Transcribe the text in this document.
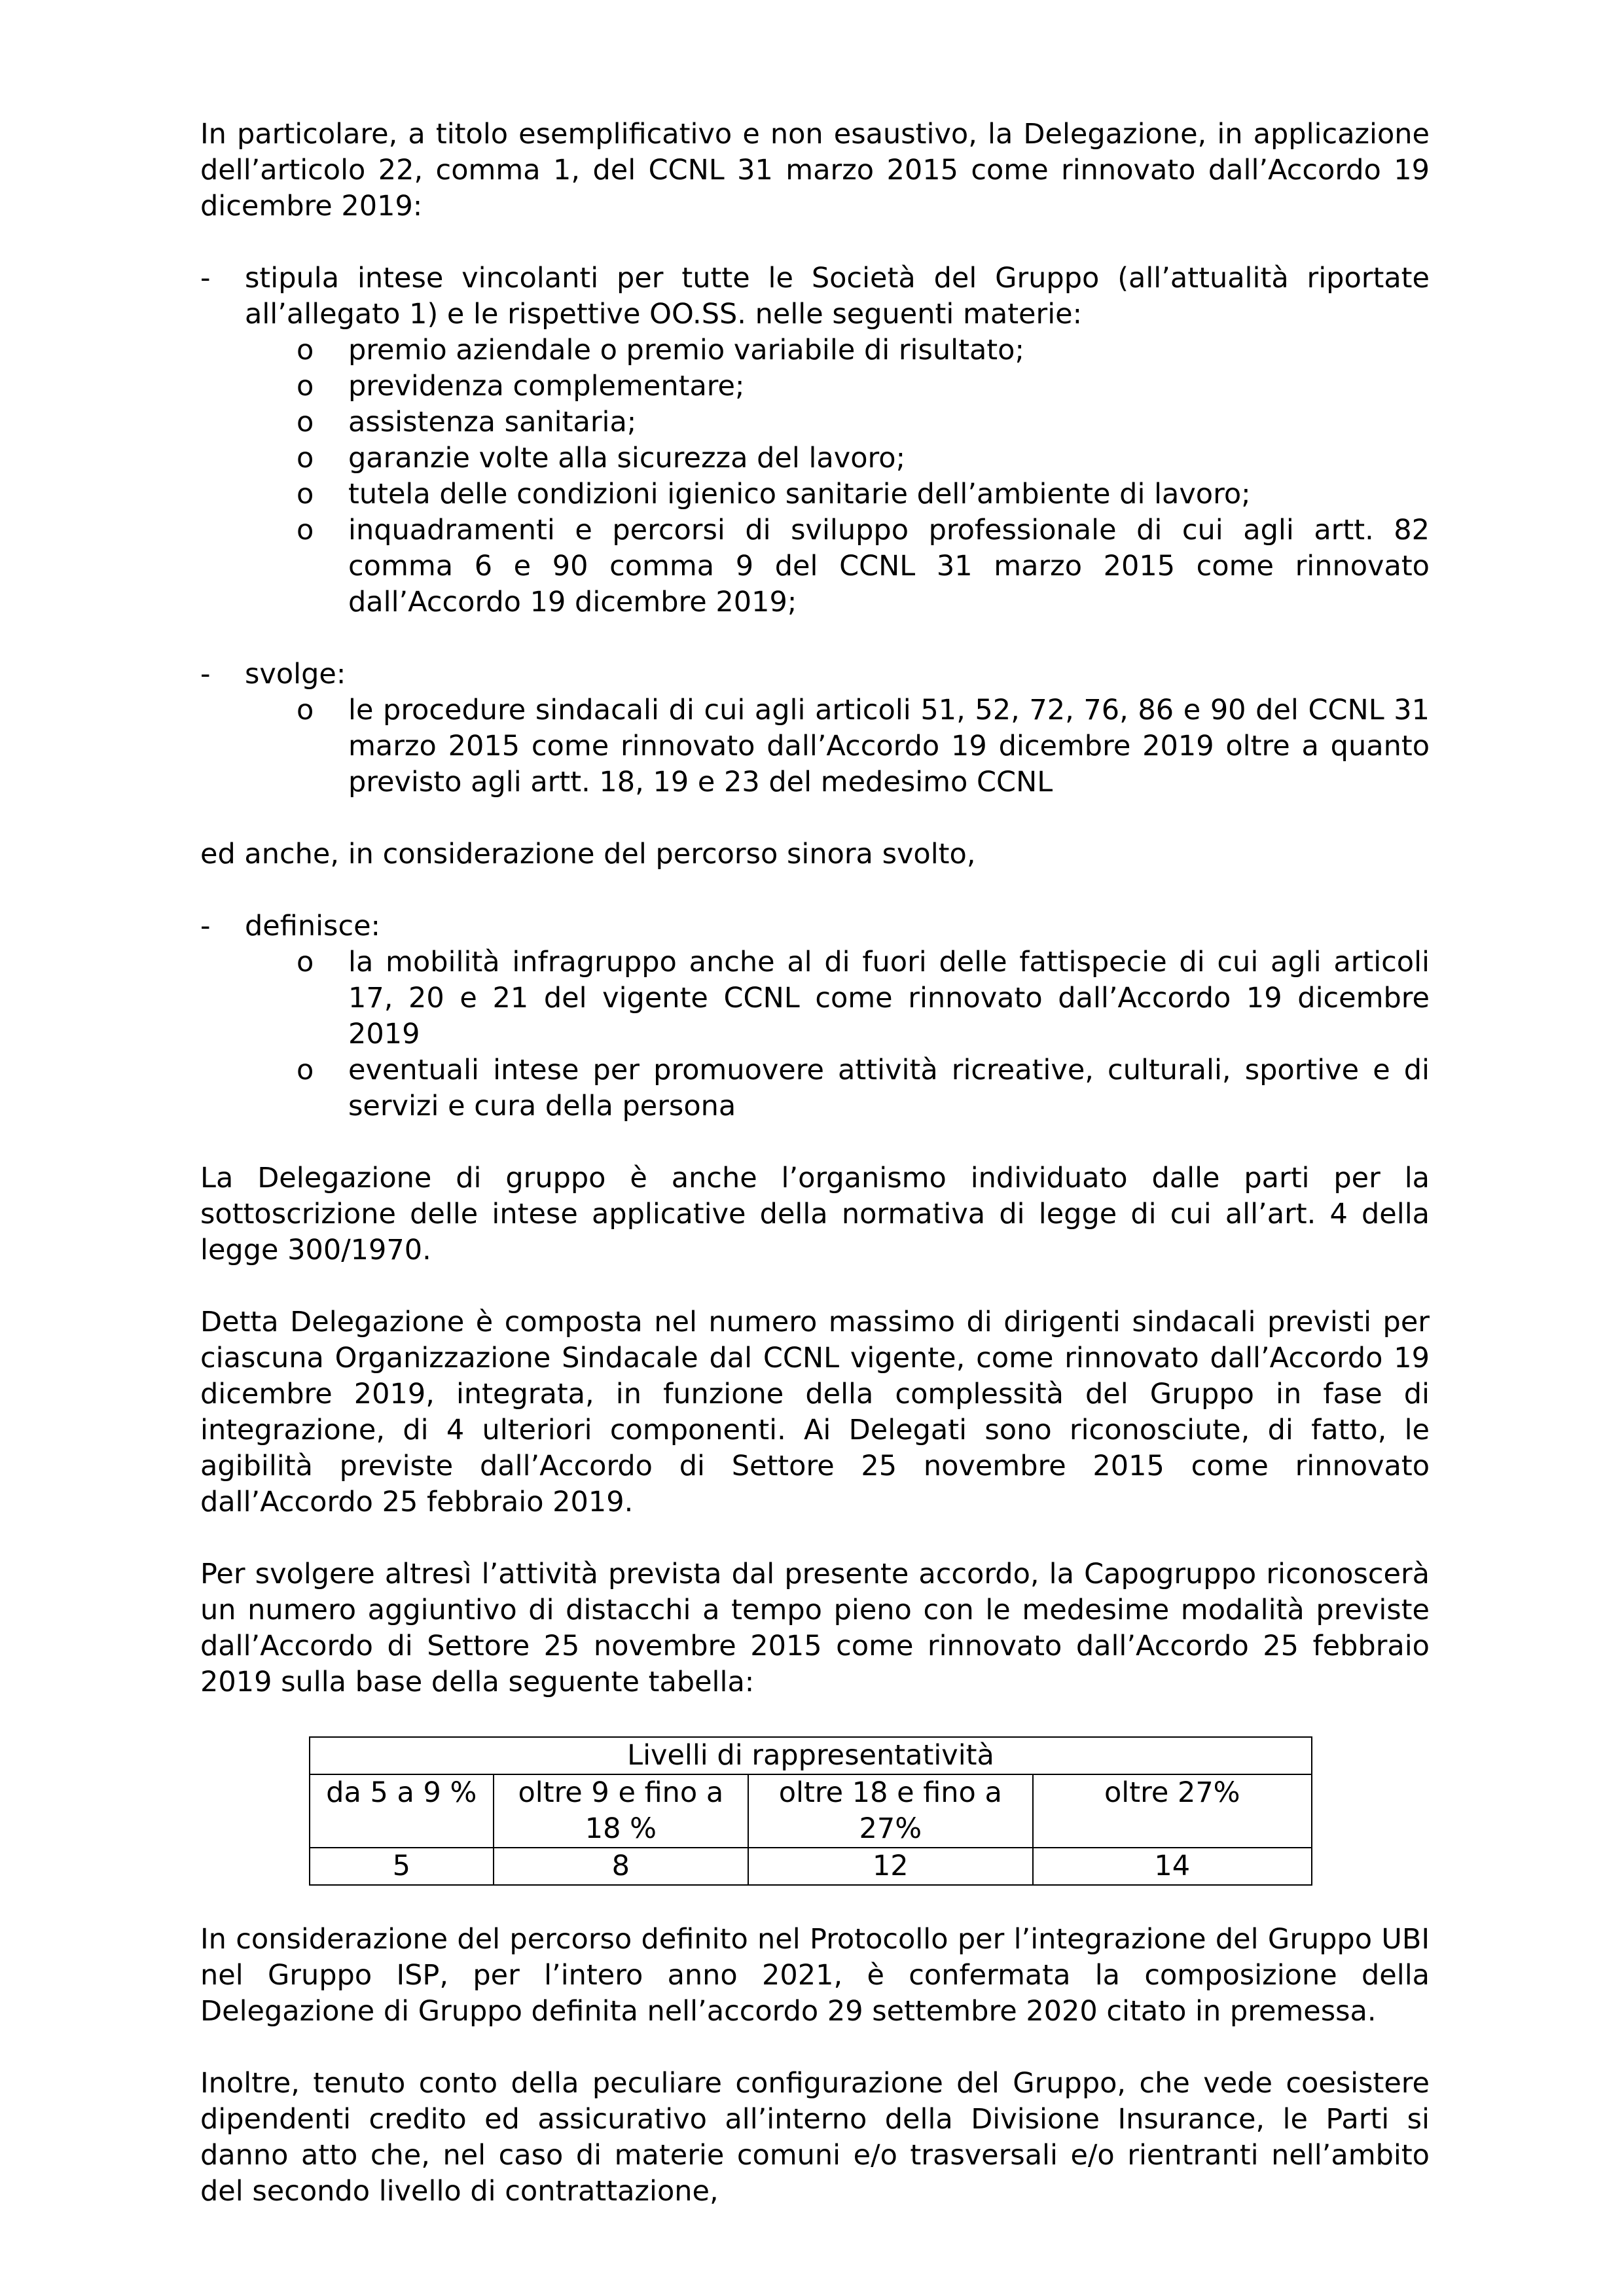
In particolare, a titolo esemplificativo e non esaustivo, la Delegazione, in applicazione dell’articolo 22, comma 1, del CCNL 31 marzo 2015 come rinnovato dall’Accordo 19 dicembre 2019:

- stipula intese vincolanti per tutte le Società del Gruppo (all’attualità riportate all’allegato 1) e le rispettive OO.SS. nelle seguenti materie:
o premio aziendale o premio variabile di risultato;
o previdenza complementare;
o assistenza sanitaria;
o garanzie volte alla sicurezza del lavoro;
o tutela delle condizioni igienico sanitarie dell’ambiente di lavoro;
o inquadramenti e percorsi di sviluppo professionale di cui agli artt. 82 comma 6 e 90 comma 9 del CCNL 31 marzo 2015 come rinnovato dall’Accordo 19 dicembre 2019;
- svolge:
o le procedure sindacali di cui agli articoli 51, 52, 72, 76, 86 e 90 del CCNL 31 marzo 2015 come rinnovato dall’Accordo 19 dicembre 2019 oltre a quanto previsto agli artt. 18, 19 e 23 del medesimo CCNL

ed anche, in considerazione del percorso sinora svolto,

- definisce:
o la mobilità infragruppo anche al di fuori delle fattispecie di cui agli articoli 17, 20 e 21 del vigente CCNL come rinnovato dall’Accordo 19 dicembre 2019
o eventuali intese per promuovere attività ricreative, culturali, sportive e di servizi e cura della persona

La Delegazione di gruppo è anche l’organismo individuato dalle parti per la sottoscrizione delle intese applicative della normativa di legge di cui all’art. 4 della legge 300/1970.

Detta Delegazione è composta nel numero massimo di dirigenti sindacali previsti per ciascuna Organizzazione Sindacale dal CCNL vigente, come rinnovato dall’Accordo 19 dicembre 2019, integrata, in funzione della complessità del Gruppo in fase di integrazione, di 4 ulteriori componenti. Ai Delegati sono riconosciute, di fatto, le agibilità previste dall’Accordo di Settore 25 novembre 2015 come rinnovato dall’Accordo 25 febbraio 2019.

Per svolgere altresì l’attività prevista dal presente accordo, la Capogruppo riconoscerà un numero aggiuntivo di distacchi a tempo pieno con le medesime modalità previste dall’Accordo di Settore 25 novembre 2015 come rinnovato dall’Accordo 25 febbraio 2019 sulla base della seguente tabella:

Livelli di rappresentatività			
da 5 a 9 %	oltre 9 e fino a 18 %	oltre 18 e fino a 27%	oltre 27%
5	8	12	14

In considerazione del percorso definito nel Protocollo per l’integrazione del Gruppo UBI nel Gruppo ISP, per l’intero anno 2021, è confermata la composizione della Delegazione di Gruppo definita nell’accordo 29 settembre 2020 citato in premessa.

Inoltre, tenuto conto della peculiare configurazione del Gruppo, che vede coesistere dipendenti credito ed assicurativo all’interno della Divisione Insurance, le Parti si danno atto che, nel caso di materie comuni e/o trasversali e/o rientranti nell’ambito del secondo livello di contrattazione,
